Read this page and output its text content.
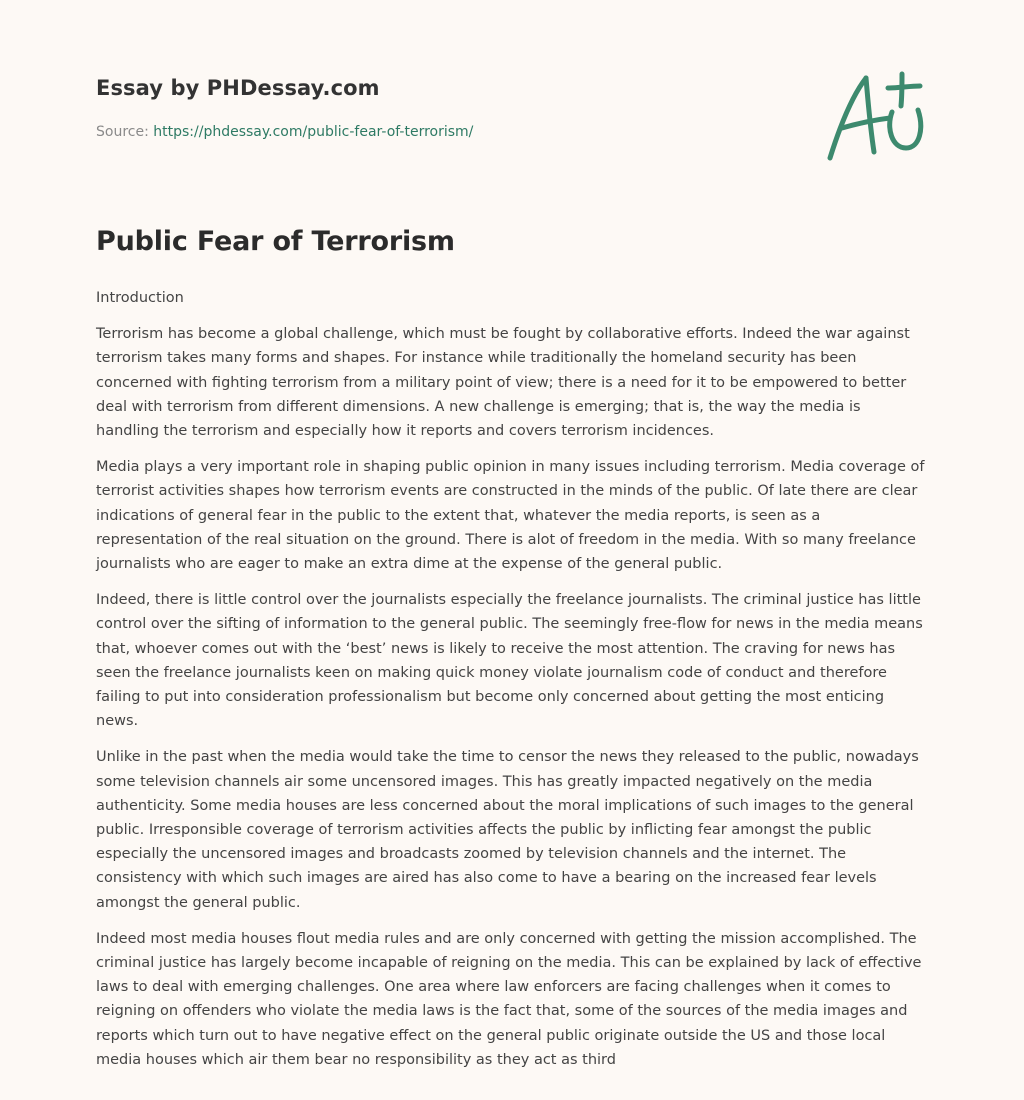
Essay by PHDessay.com
Source: https://phdessay.com/public-fear-of-terrorism/
Public Fear of Terrorism

Introduction

Terrorism has become a global challenge, which must be fought by collaborative efforts. Indeed the war against terrorism takes many forms and shapes. For instance while traditionally the homeland security has been concerned with fighting terrorism from a military point of view; there is a need for it to be empowered to better deal with terrorism from different dimensions. A new challenge is emerging; that is, the way the media is handling the terrorism and especially how it reports and covers terrorism incidences.

Media plays a very important role in shaping public opinion in many issues including terrorism. Media coverage of terrorist activities shapes how terrorism events are constructed in the minds of the public. Of late there are clear indications of general fear in the public to the extent that, whatever the media reports, is seen as a representation of the real situation on the ground. There is alot of freedom in the media. With so many freelance journalists who are eager to make an extra dime at the expense of the general public.

Indeed, there is little control over the journalists especially the freelance journalists. The criminal justice has little control over the sifting of information to the general public. The seemingly free-flow for news in the media means that, whoever comes out with the ‘best’ news is likely to receive the most attention. The craving for news has seen the freelance journalists keen on making quick money violate journalism code of conduct and therefore failing to put into consideration professionalism but become only concerned about getting the most enticing news.

Unlike in the past when the media would take the time to censor the news they released to the public, nowadays some television channels air some uncensored images. This has greatly impacted negatively on the media authenticity. Some media houses are less concerned about the moral implications of such images to the general public. Irresponsible coverage of terrorism activities affects the public by inflicting fear amongst the public especially the uncensored images and broadcasts zoomed by television channels and the internet. The consistency with which such images are aired has also come to have a bearing on the increased fear levels amongst the general public.

Indeed most media houses flout media rules and are only concerned with getting the mission accomplished. The criminal justice has largely become incapable of reigning on the media. This can be explained by lack of effective laws to deal with emerging challenges. One area where law enforcers are facing challenges when it comes to reigning on offenders who violate the media laws is the fact that, some of the sources of the media images and reports which turn out to have negative effect on the general public originate outside the US and those local media houses which air them bear no responsibility as they act as third
